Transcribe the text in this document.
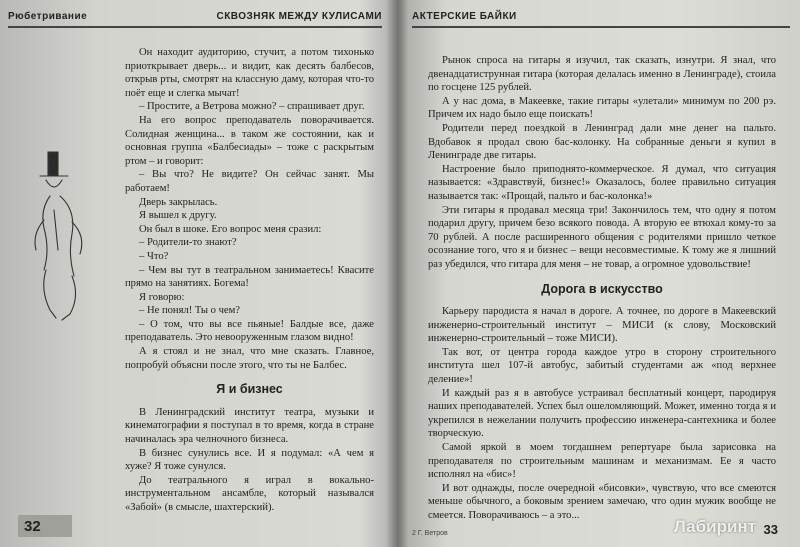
Рюбетривание	СКВОЗНЯК МЕЖДУ КУЛИСАМИ

Он находит аудиторию, стучит, а потом тихонько приоткрывает дверь... и видит, как десять балбесов, открыв рты, смотрят на классную даму, которая что-то поёт еще и слегка мычат!

– Простите, а Ветрова можно? – спрашивает друг.

На его вопрос преподаватель поворачивается. Солидная женщина... в таком же состоянии, как и основная группа «Балбесиады» – тоже с раскрытым ртом – и говорит:

– Вы что? Не видите? Он сейчас занят. Мы работаем!

Дверь закрылась.

Я вышел к другу.

Он был в шоке. Его вопрос меня сразил:

– Родители-то знают?

– Что?

– Чем вы тут в театральном занимаетесь! Квасите прямо на занятиях. Богема!

Я говорю:

– Не понял! Ты о чем?

– О том, что вы все пьяные! Балдые все, даже преподаватель. Это невооруженным глазом видно!

А я стоял и не знал, что мне сказать. Главное, попробуй объясни после этого, что ты не Балбес.

Я и бизнес

В Ленинградский институт театра, музыки и кинематографии я поступал в то время, когда в стране начиналась эра челночного бизнеса.

В бизнес сунулись все. И я подумал: «А чем я хуже? Я тоже сунулся.

До театрального я играл в вокально-инструментальном ансамбле, который назывался «Забой» (в смысле, шахтерский).

32
АКТЕРСКИЕ БАЙКИ

Рынок спроса на гитары я изучил, так сказать, изнутри. Я знал, что двенадцатиструнная гитара (которая делалась именно в Ленинграде), стоила по госцене 125 рублей.

А у нас дома, в Макеевке, такие гитары «улетали» минимум по 200 рэ. Причем их надо было еще поискать!

Родители перед поездкой в Ленинград дали мне денег на пальто. Вдобавок я продал свою бас-колонку. На собранные деньги я купил в Ленинграде две гитары.

Настроение было приподнято-коммерческое. Я думал, что ситуация называется: «Здравствуй, бизнес!» Оказалось, более правильно ситуация называется так: «Прощай, пальто и бас-колонка!»

Эти гитары я продавал месяца три! Закончилось тем, что одну я потом подарил другу, причем безо всякого повода. А вторую ее втюхал кому-то за 70 рублей. А после расширенного общения с родителями пришло четкое осознание того, что я и бизнес – вещи несовместимые. К тому же я лишний раз убедился, что гитара для меня – не товар, а огромное удовольствие!

Дорога в искусство

Карьеру пародиста я начал в дороге. А точнее, по дороге в Макеевский инженерно-строительный институт – МИСИ (к слову, Московский инженерно-строительный – тоже МИСИ).

Так вот, от центра города каждое утро в сторону строительного института шел 107-й автобус, забитый студентами аж «под верхнее деление»!

И каждый раз я в автобусе устраивал бесплатный концерт, пародируя наших преподавателей. Успех был ошеломляющий. Может, именно тогда я и укрепился в нежелании получить профессию инженера-сантехника и более творческую.

Самой яркой в моем тогдашнем репертуаре была зарисовка на преподавателя по строительным машинам и механизмам. Ее я часто исполнял на «бис»!

И вот однажды, после очередной «бисовки», чувствую, что все смеются меньше обычного, а боковым зрением замечаю, что один мужик вообще не смеется. Поворачиваюсь – а это...

2 Г. Ветров	Лабиринт 33
